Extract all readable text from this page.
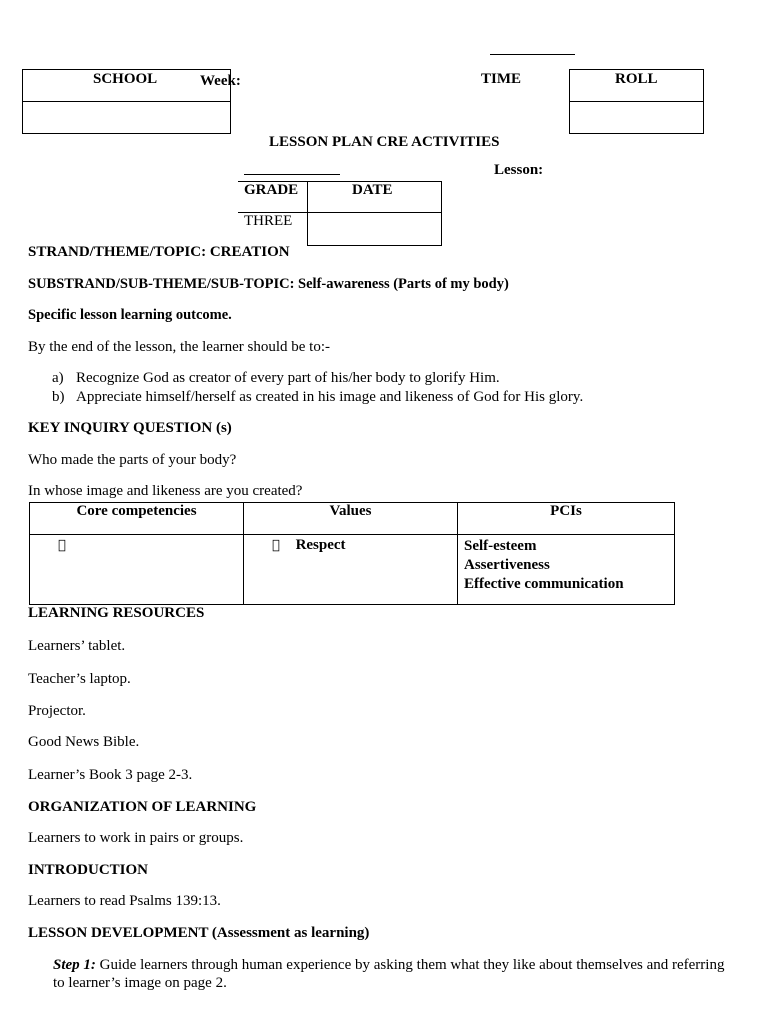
SCHOOL	Week:	TIME	ROLL
LESSON PLAN CRE ACTIVITIES
Lesson:
GRADE	DATE
THREE
STRAND/THEME/TOPIC: CREATION
SUBSTRAND/SUB-THEME/SUB-TOPIC: Self-awareness (Parts of my body)
Specific lesson learning outcome.
By the end of the lesson, the learner should be to:-
a) Recognize God as creator of every part of his/her body to glorify Him.
b) Appreciate himself/herself as created in his image and likeness of God for His glory.
KEY INQUIRY QUESTION (s)
Who made the parts of your body?
In whose image and likeness are you created?
Core competencies	Values	PCIs
	Respect	Self-esteem
Assertiveness
Effective communication
LEARNING RESOURCES
Learners’ tablet.
Teacher’s laptop.
Projector.
Good News Bible.
Learner’s Book 3 page 2-3.
ORGANIZATION OF LEARNING
Learners to work in pairs or groups.
INTRODUCTION
Learners to read Psalms 139:13.
LESSON DEVELOPMENT (Assessment as learning)
Step 1: Guide learners through human experience by asking them what they like about themselves and referring
to learner’s image on page 2.
